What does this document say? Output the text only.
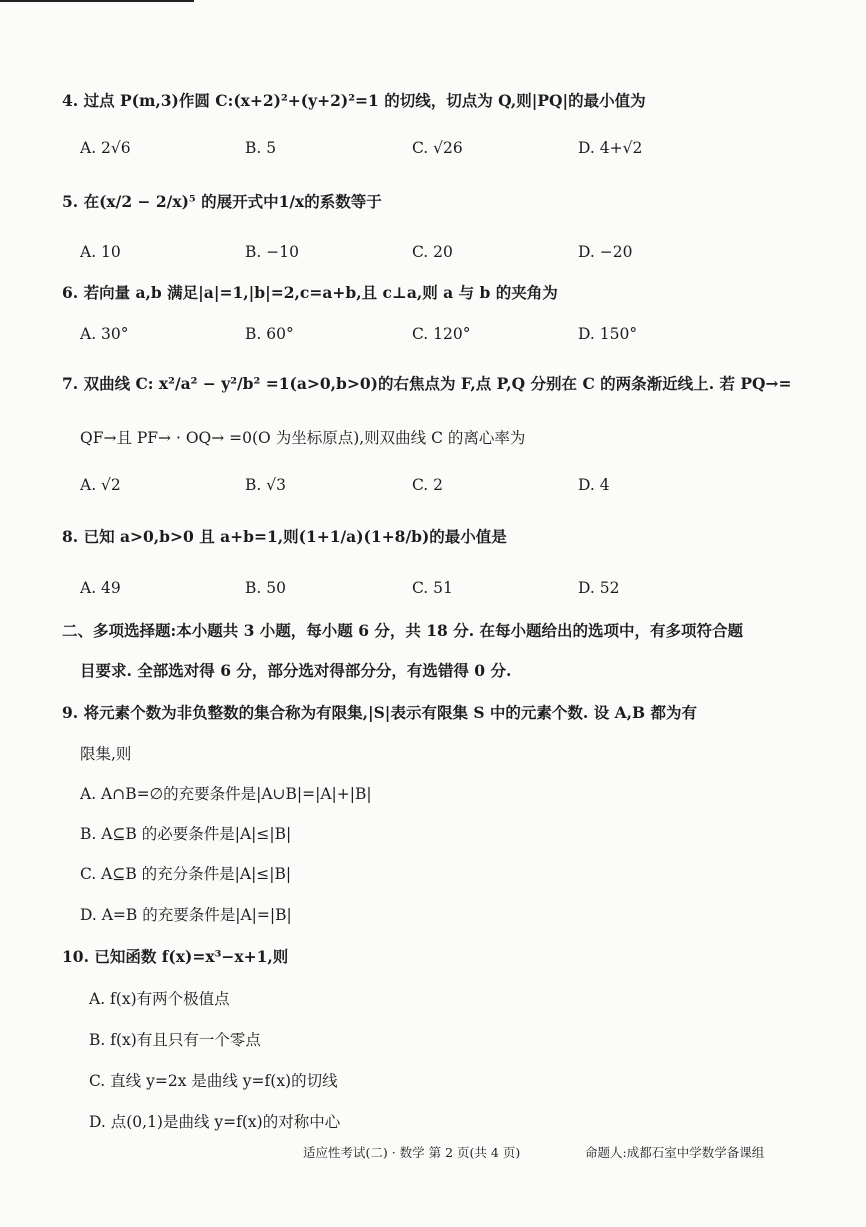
4. 过点 P(m,3)作圆 C:(x+2)²+(y+2)²=1 的切线，切点为 Q,则|PQ|的最小值为
A. 2√6	B. 5	C. √26	D. 4+√2
5. 在(x/2 − 2/x)⁵ 的展开式中1/x的系数等于
A. 10	B. −10	C. 20	D. −20
6. 若向量 a,b 满足|a|=1,|b|=2,c=a+b,且 c⊥a,则 a 与 b 的夹角为
A. 30°	B. 60°	C. 120°	D. 150°
7. 双曲线 C: x²/a² − y²/b² =1(a>0,b>0)的右焦点为 F,点 P,Q 分别在 C 的两条渐近线上. 若 PQ→=
QF→且 PF→ · OQ→ =0(O 为坐标原点),则双曲线 C 的离心率为
A. √2	B. √3	C. 2	D. 4
8. 已知 a>0,b>0 且 a+b=1,则(1+1/a)(1+8/b)的最小值是
A. 49	B. 50	C. 51	D. 52
二、多项选择题:本小题共 3 小题，每小题 6 分，共 18 分. 在每小题给出的选项中，有多项符合题
目要求. 全部选对得 6 分，部分选对得部分分，有选错得 0 分.
9. 将元素个数为非负整数的集合称为有限集,|S|表示有限集 S 中的元素个数. 设 A,B 都为有
限集,则
A. A∩B=∅的充要条件是|A∪B|=|A|+|B|
B. A⊆B 的必要条件是|A|≤|B|
C. A⊆B 的充分条件是|A|≤|B|
D. A=B 的充要条件是|A|=|B|
10. 已知函数 f(x)=x³−x+1,则
A. f(x)有两个极值点
B. f(x)有且只有一个零点
C. 直线 y=2x 是曲线 y=f(x)的切线
D. 点(0,1)是曲线 y=f(x)的对称中心
适应性考试(二) · 数学 第 2 页(共 4 页)	命题人:成都石室中学数学备课组
